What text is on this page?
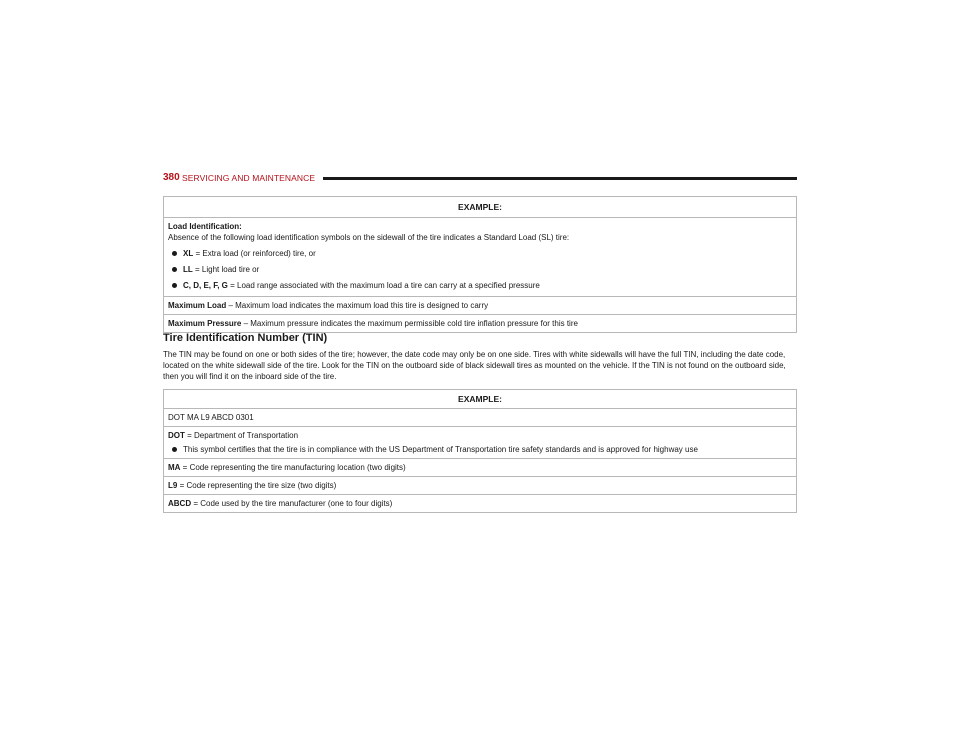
380 SERVICING AND MAINTENANCE
EXAMPLE:

Load Identification:
Absence of the following load identification symbols on the sidewall of the tire indicates a Standard Load (SL) tire:
XL = Extra load (or reinforced) tire, or
LL = Light load tire or
C, D, E, F, G = Load range associated with the maximum load a tire can carry at a specified pressure

Maximum Load – Maximum load indicates the maximum load this tire is designed to carry
Maximum Pressure – Maximum pressure indicates the maximum permissible cold tire inflation pressure for this tire
Tire Identification Number (TIN)
The TIN may be found on one or both sides of the tire; however, the date code may only be on one side. Tires with white sidewalls will have the full TIN, including the date code, located on the white sidewall side of the tire. Look for the TIN on the outboard side of black sidewall tires as mounted on the vehicle. If the TIN is not found on the outboard side, then you will find it on the inboard side of the tire.
EXAMPLE:
DOT MA L9 ABCD 0301

DOT = Department of Transportation
This symbol certifies that the tire is in compliance with the US Department of Transportation tire safety standards and is approved for highway use

MA = Code representing the tire manufacturing location (two digits)
L9 = Code representing the tire size (two digits)
ABCD = Code used by the tire manufacturer (one to four digits)
